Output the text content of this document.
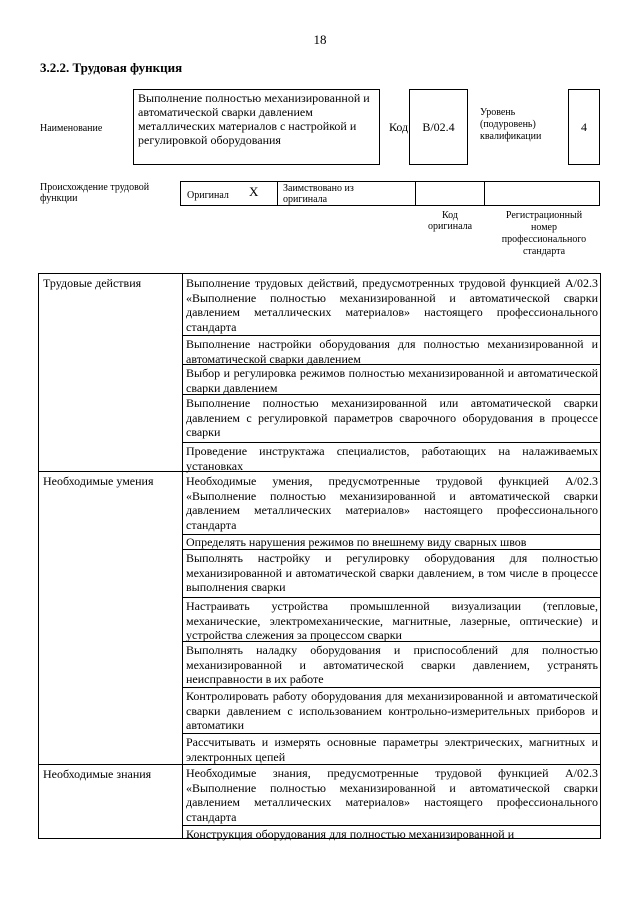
18
3.2.2. Трудовая функция
Наименование
Выполнение полностью механизированной и автоматической сварки давлением металлических материалов с настройкой и регулировкой оборудования
Код	B/02.4
Уровень
(подуровень)
квалификации
4
Происхождение трудовой
функции	Оригинал X Заимствовано из
оригинала
Код
оригинала
Регистрационный
номер
профессионального
стандарта
Трудовые действия
Необходимые умения
Необходимые знания
Выполнение трудовых действий, предусмотренных трудовой функцией A/02.3 «Выполнение полностью механизированной и автоматической сварки давлением металлических материалов» настоящего профессионального стандарта
Выполнение настройки оборудования для полностью механизированной и автоматической сварки давлением
Выбор и регулировка режимов полностью механизированной и автоматической сварки давлением
Выполнение полностью механизированной или автоматической сварки давлением с регулировкой параметров сварочного оборудования в процессе сварки
Проведение инструктажа специалистов, работающих на налаживаемых установках
Необходимые умения, предусмотренные трудовой функцией A/02.3 «Выполнение полностью механизированной и автоматической сварки давлением металлических материалов» настоящего профессионального стандарта
Определять нарушения режимов по внешнему виду сварных швов
Выполнять настройку и регулировку оборудования для полностью механизированной и автоматической сварки давлением, в том числе в процессе выполнения сварки
Настраивать устройства промышленной визуализации (тепловые, механические, электромеханические, магнитные, лазерные, оптические) и устройства слежения за процессом сварки
Выполнять наладку оборудования и приспособлений для полностью механизированной и автоматической сварки давлением, устранять неисправности в их работе
Контролировать работу оборудования для механизированной и автоматической сварки давлением с использованием контрольно-измерительных приборов и автоматики
Рассчитывать и измерять основные параметры электрических, магнитных и электронных цепей
Необходимые знания, предусмотренные трудовой функцией A/02.3 «Выполнение полностью механизированной и автоматической сварки давлением металлических материалов» настоящего профессионального стандарта
Конструкция оборудования для полностью механизированной и
